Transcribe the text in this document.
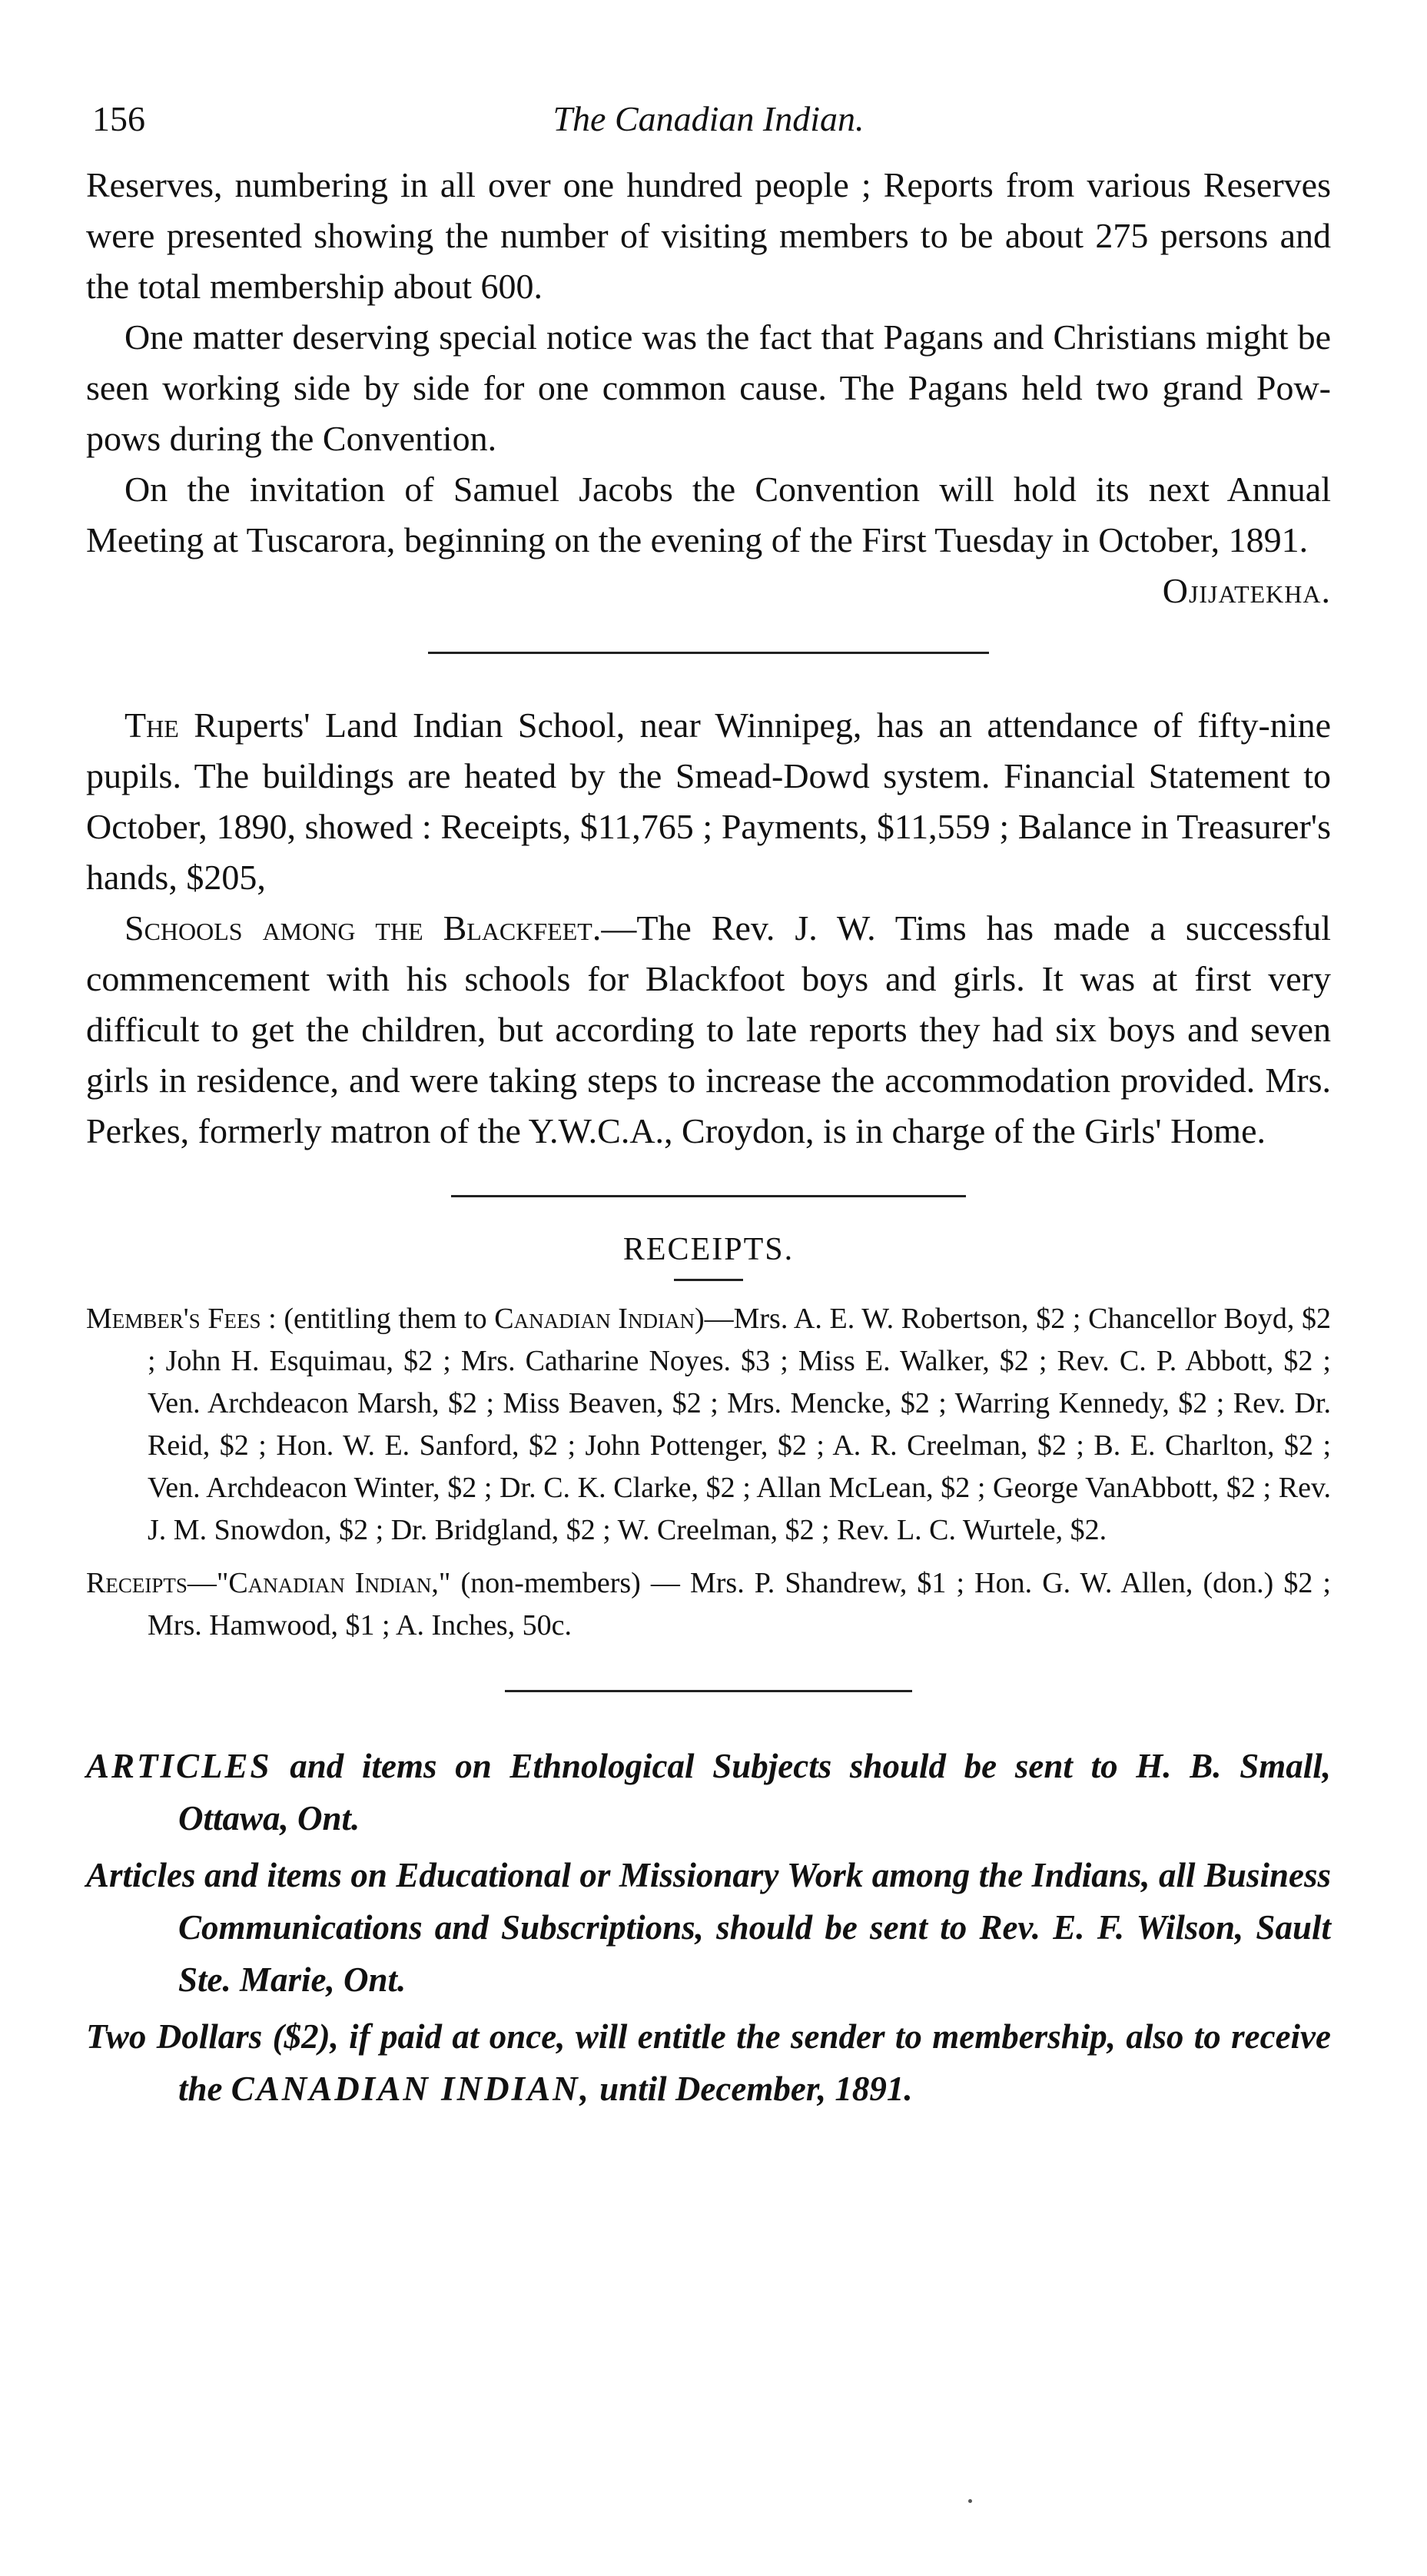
156	The Canadian Indian.

Reserves, numbering in all over one hundred people ; Reports from various Reserves were presented showing the number of visiting members to be about 275 persons and the total membership about 600.

One matter deserving special notice was the fact that Pagans and Christians might be seen working side by side for one common cause. The Pagans held two grand Pow-pows during the Convention.

On the invitation of Samuel Jacobs the Convention will hold its next Annual Meeting at Tuscarora, beginning on the evening of the First Tuesday in October, 1891.
Ojijatekha.

The Ruperts' Land Indian School, near Winnipeg, has an attendance of fifty-nine pupils. The buildings are heated by the Smead-Dowd system. Financial Statement to October, 1890, showed : Receipts, $11,765 ; Payments, $11,559 ; Balance in Treasurer's hands, $205,

Schools among the Blackfeet.—The Rev. J. W. Tims has made a successful commencement with his schools for Blackfoot boys and girls. It was at first very difficult to get the children, but according to late reports they had six boys and seven girls in residence, and were taking steps to increase the accommodation provided. Mrs. Perkes, formerly matron of the Y.W.C.A., Croydon, is in charge of the Girls' Home.

RECEIPTS.

Member's Fees : (entitling them to Canadian Indian)—Mrs. A. E. W. Robertson, $2 ; Chancellor Boyd, $2 ; John H. Esquimau, $2 ; Mrs. Catharine Noyes. $3 ; Miss E. Walker, $2 ; Rev. C. P. Abbott, $2 ; Ven. Archdeacon Marsh, $2 ; Miss Beaven, $2 ; Mrs. Mencke, $2 ; Warring Kennedy, $2 ; Rev. Dr. Reid, $2 ; Hon. W. E. Sanford, $2 ; John Pottenger, $2 ; A. R. Creelman, $2 ; B. E. Charlton, $2 ; Ven. Archdeacon Winter, $2 ; Dr. C. K. Clarke, $2 ; Allan McLean, $2 ; George VanAbbott, $2 ; Rev. J. M. Snowdon, $2 ; Dr. Bridgland, $2 ; W. Creelman, $2 ; Rev. L. C. Wurtele, $2.

Receipts—"Canadian Indian," (non-members) — Mrs. P. Shandrew, $1 ; Hon. G. W. Allen, (don.) $2 ; Mrs. Hamwood, $1 ; A. Inches, 50c.

ARTICLES and items on Ethnological Subjects should be sent to H. B. Small, Ottawa, Ont.

Articles and items on Educational or Missionary Work among the Indians, all Business Communications and Subscriptions, should be sent to Rev. E. F. Wilson, Sault Ste. Marie, Ont.

Two Dollars ($2), if paid at once, will entitle the sender to membership, also to receive the CANADIAN INDIAN, until December, 1891.
